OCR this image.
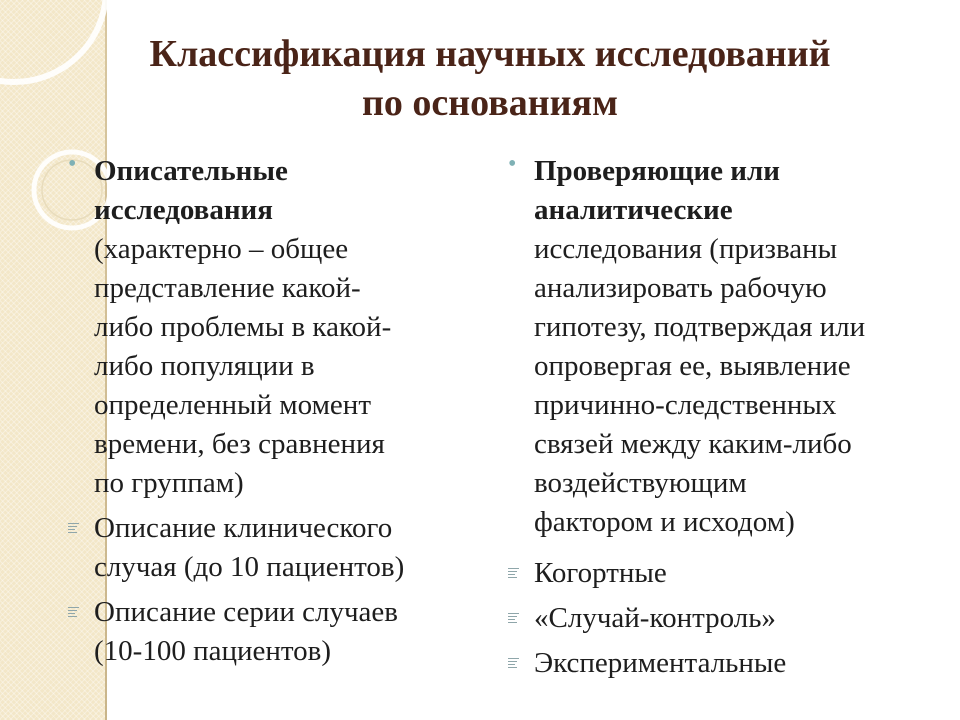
Классификация научных исследований
по основаниям
• Описательные
исследования
(характерно – общее
представление какой-
либо проблемы в какой-
либо популяции в
определенный момент
времени, без сравнения
по группам)
Описание клинического
случая (до 10 пациентов)
Описание серии случаев
(10-100 пациентов)
• Проверяющие или
аналитические
исследования (призваны
анализировать рабочую
гипотезу, подтверждая или
опровергая ее, выявление
причинно-следственных
связей между каким-либо
воздействующим
фактором и исходом)
Когортные
«Случай-контроль»
Экспериментальные
